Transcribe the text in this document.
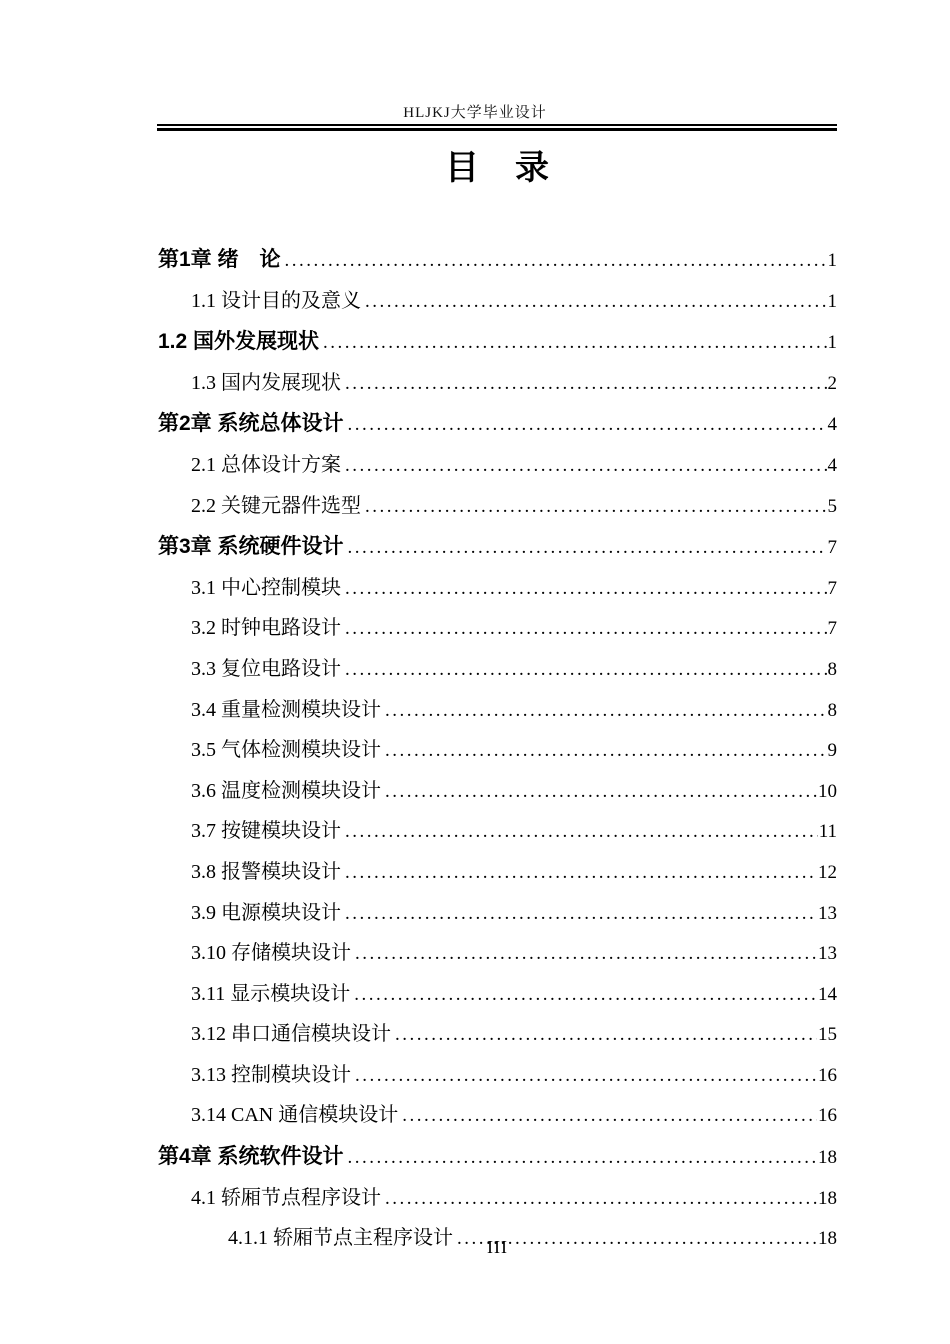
HLJKJ大学毕业设计
目　录
第1章 绪　论 .....	1
1.1 设计目的及意义 .....	1
1.2 国外发展现状 .....	1
1.3 国内发展现状 .....	2
第2章 系统总体设计 .....	4
2.1 总体设计方案 .....	4
2.2 关键元器件选型 .....	5
第3章 系统硬件设计 .....	7
3.1 中心控制模块 .....	7
3.2 时钟电路设计 .....	7
3.3 复位电路设计 .....	8
3.4 重量检测模块设计 .....	8
3.5 气体检测模块设计 .....	9
3.6 温度检测模块设计 .....	10
3.7 按键模块设计 .....	11
3.8 报警模块设计 .....	12
3.9 电源模块设计 .....	13
3.10 存储模块设计 .....	13
3.11 显示模块设计 .....	14
3.12 串口通信模块设计 .....	15
3.13 控制模块设计 .....	16
3.14 CAN 通信模块设计 .....	16
第4章 系统软件设计 .....	18
4.1 轿厢节点程序设计 .....	18
4.1.1 轿厢节点主程序设计 .....	18
III
